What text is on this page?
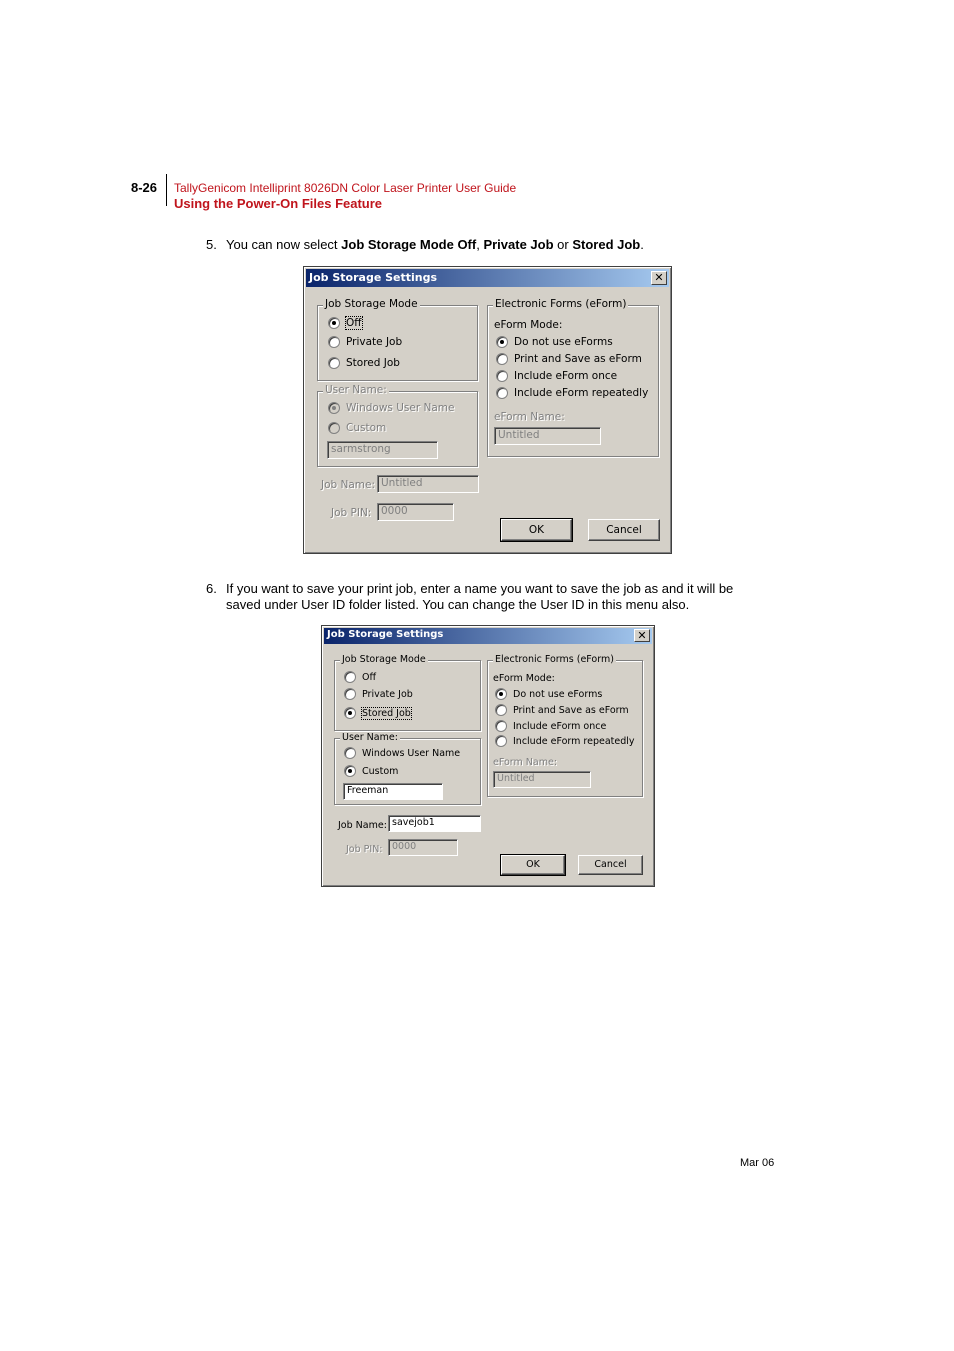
8-26 TallyGenicom Intelliprint 8026DN Color Laser Printer User Guide
Using the Power-On Files Feature
5. You can now select Job Storage Mode Off, Private Job or Stored Job.
Job Storage Settings	✕
Job Storage Mode
Off
Private Job
Stored Job
User Name:
Windows User Name
Custom
sarmstrong
Electronic Forms (eForm)
eForm Mode:
Do not use eForms
Print and Save as eForm
Include eForm once
Include eForm repeatedly
eForm Name:
Untitled
Job Name: Untitled
Job PIN: 0000
OK	Cancel
6. If you want to save your print job, enter a name you want to save the job as and it will be
saved under User ID folder listed. You can change the User ID in this menu also.
Job Storage Settings	✕
Job Storage Mode
Off
Private Job
Stored Job
User Name:
Windows User Name
Custom
Freeman
Electronic Forms (eForm)
eForm Mode:
Do not use eForms
Print and Save as eForm
Include eForm once
Include eForm repeatedly
eForm Name:
Untitled
Job Name: savejob1
Job PIN: 0000
OK	Cancel
Mar 06
